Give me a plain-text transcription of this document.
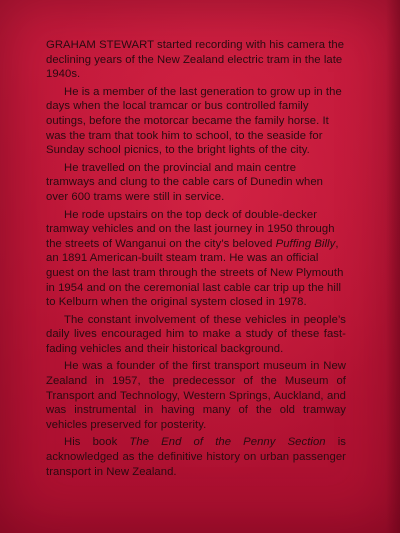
GRAHAM STEWART started recording with his camera the declining years of the New Zealand electric tram in the late 1940s.

He is a member of the last generation to grow up in the days when the local tramcar or bus controlled family outings, before the motorcar became the family horse. It was the tram that took him to school, to the seaside for Sunday school picnics, to the bright lights of the city.

He travelled on the provincial and main centre tramways and clung to the cable cars of Dunedin when over 600 trams were still in service.

He rode upstairs on the top deck of double-decker tramway vehicles and on the last journey in 1950 through the streets of Wanganui on the city’s beloved Puffing Billy, an 1891 American-built steam tram. He was an official guest on the last tram through the streets of New Plymouth in 1954 and on the ceremonial last cable car trip up the hill to Kelburn when the original system closed in 1978.

The constant involvement of these vehicles in people’s daily lives encouraged him to make a study of these fast-fading vehicles and their historical background.

He was a founder of the first transport museum in New Zealand in 1957, the predecessor of the Museum of Transport and Technology, Western Springs, Auckland, and was instrumental in having many of the old tramway vehicles preserved for posterity.

His book The End of the Penny Section is acknowledged as the definitive history on urban passenger transport in New Zealand.
